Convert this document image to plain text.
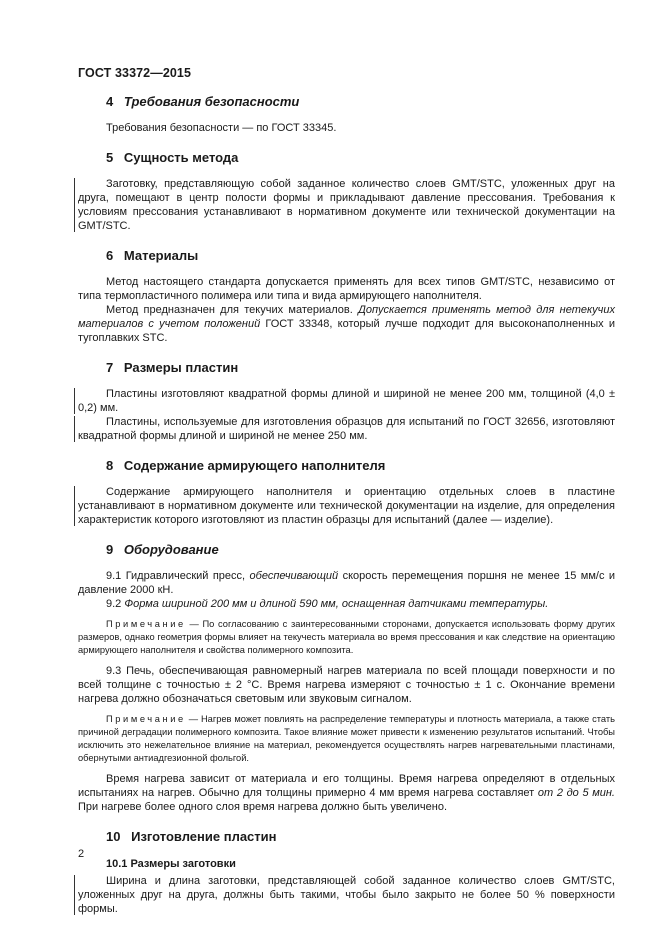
ГОСТ 33372—2015
4 Требования безопасности

Требования безопасности — по ГОСТ 33345.

5 Сущность метода

Заготовку, представляющую собой заданное количество слоев GMT/STC, уложенных друг на друга, помещают в центр полости формы и прикладывают давление прессования. Требования к условиям прессования устанавливают в нормативном документе или технической документации на GMT/STC.

6 Материалы

Метод настоящего стандарта допускается применять для всех типов GMT/STC, независимо от типа термопластичного полимера или типа и вида армирующего наполнителя.

Метод предназначен для текучих материалов. Допускается применять метод для нетекучих материалов с учетом положений ГОСТ 33348, который лучше подходит для высоконаполненных и тугоплавких STC.

7 Размеры пластин

Пластины изготовляют квадратной формы длиной и шириной не менее 200 мм, толщиной (4,0 ± 0,2) мм.

Пластины, используемые для изготовления образцов для испытаний по ГОСТ 32656, изготовляют квадратной формы длиной и шириной не менее 250 мм.

8 Содержание армирующего наполнителя

Содержание армирующего наполнителя и ориентацию отдельных слоев в пластине устанавливают в нормативном документе или технической документации на изделие, для определения характеристик которого изготовляют из пластин образцы для испытаний (далее — изделие).

9 Оборудование

9.1 Гидравлический пресс, обеспечивающий скорость перемещения поршня не менее 15 мм/с и давление 2000 кН.

9.2 Форма шириной 200 мм и длиной 590 мм, оснащенная датчиками температуры.

Примечание — По согласованию с заинтересованными сторонами, допускается использовать форму других размеров, однако геометрия формы влияет на текучесть материала во время прессования и как следствие на ориентацию армирующего наполнителя и свойства полимерного композита.

9.3 Печь, обеспечивающая равномерный нагрев материала по всей площади поверхности и по всей толщине с точностью ± 2 °С. Время нагрева измеряют с точностью ± 1 с. Окончание времени нагрева должно обозначаться световым или звуковым сигналом.

Примечание — Нагрев может повлиять на распределение температуры и плотность материала, а также стать причиной деградации полимерного композита. Такое влияние может привести к изменению результатов испытаний. Чтобы исключить это нежелательное влияние на материал, рекомендуется осуществлять нагрев нагревательными пластинами, обернутыми антиадгезионной фольгой.

Время нагрева зависит от материала и его толщины. Время нагрева определяют в отдельных испытаниях на нагрев. Обычно для толщины примерно 4 мм время нагрева составляет от 2 до 5 мин. При нагреве более одного слоя время нагрева должно быть увеличено.

10 Изготовление пластин
10.1 Размеры заготовки

Ширина и длина заготовки, представляющей собой заданное количество слоев GMT/STC, уложенных друг на друга, должны быть такими, чтобы было закрыто не более 50 % поверхности формы.

2
